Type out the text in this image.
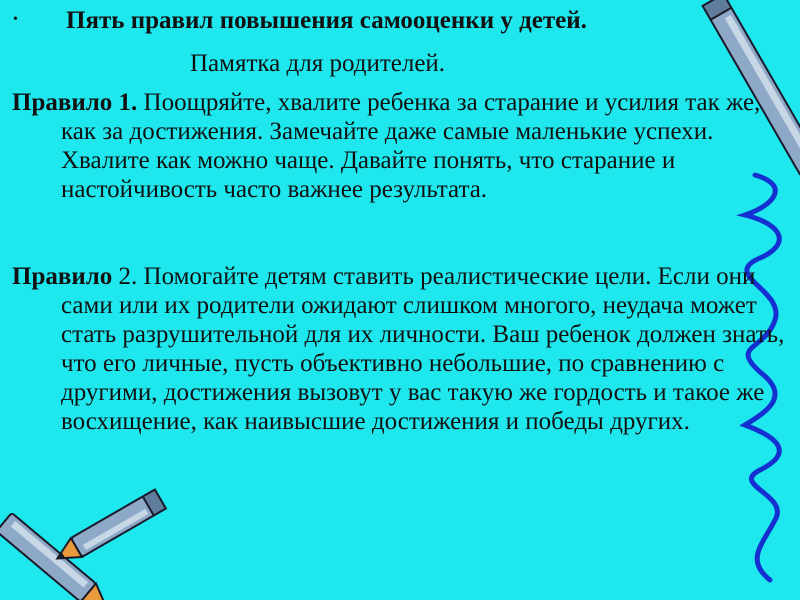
• Пять правил повышения самооценки у детей.
Памятка для родителей.
Правило 1. Поощряйте, хвалите ребенка за старание и усилия так же, как за достижения. Замечайте даже самые маленькие успехи. Хвалите как можно чаще. Давайте понять, что старание и настойчивость часто важнее результата.
Правило 2. Помогайте детям ставить реалистические цели. Если они сами или их родители ожидают слишком многого, неудача может стать разрушительной для их личности. Ваш ребенок должен знать, что его личные, пусть объективно небольшие, по сравнению с другими, достижения вызовут у вас такую же гордость и такое же восхищение, как наивысшие достижения и победы других.
